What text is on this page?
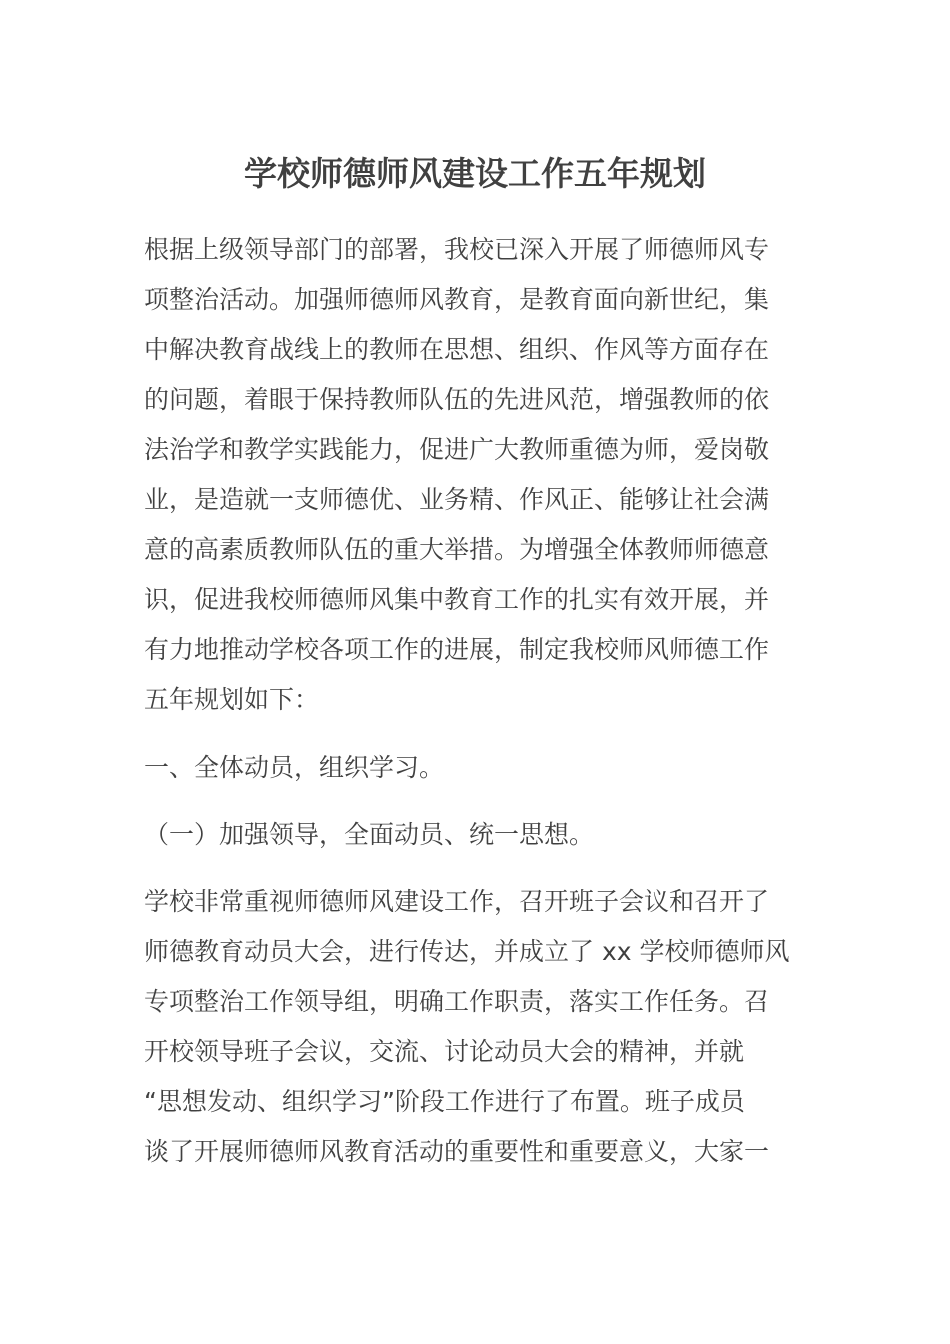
学校师德师风建设工作五年规划
根据上级领导部门的部署，我校已深入开展了师德师风专
项整治活动。加强师德师风教育，是教育面向新世纪，集
中解决教育战线上的教师在思想、组织、作风等方面存在
的问题，着眼于保持教师队伍的先进风范，增强教师的依
法治学和教学实践能力，促进广大教师重德为师，爱岗敬
业，是造就一支师德优、业务精、作风正、能够让社会满
意的高素质教师队伍的重大举措。为增强全体教师师德意
识，促进我校师德师风集中教育工作的扎实有效开展，并
有力地推动学校各项工作的进展，制定我校师风师德工作
五年规划如下：
一、全体动员，组织学习。
（一）加强领导，全面动员、统一思想。
学校非常重视师德师风建设工作，召开班子会议和召开了
师德教育动员大会，进行传达，并成立了 xx 学校师德师风
专项整治工作领导组，明确工作职责，落实工作任务。召
开校领导班子会议，交流、讨论动员大会的精神，并就
“思想发动、组织学习”阶段工作进行了布置。班子成员
谈了开展师德师风教育活动的重要性和重要意义，大家一
